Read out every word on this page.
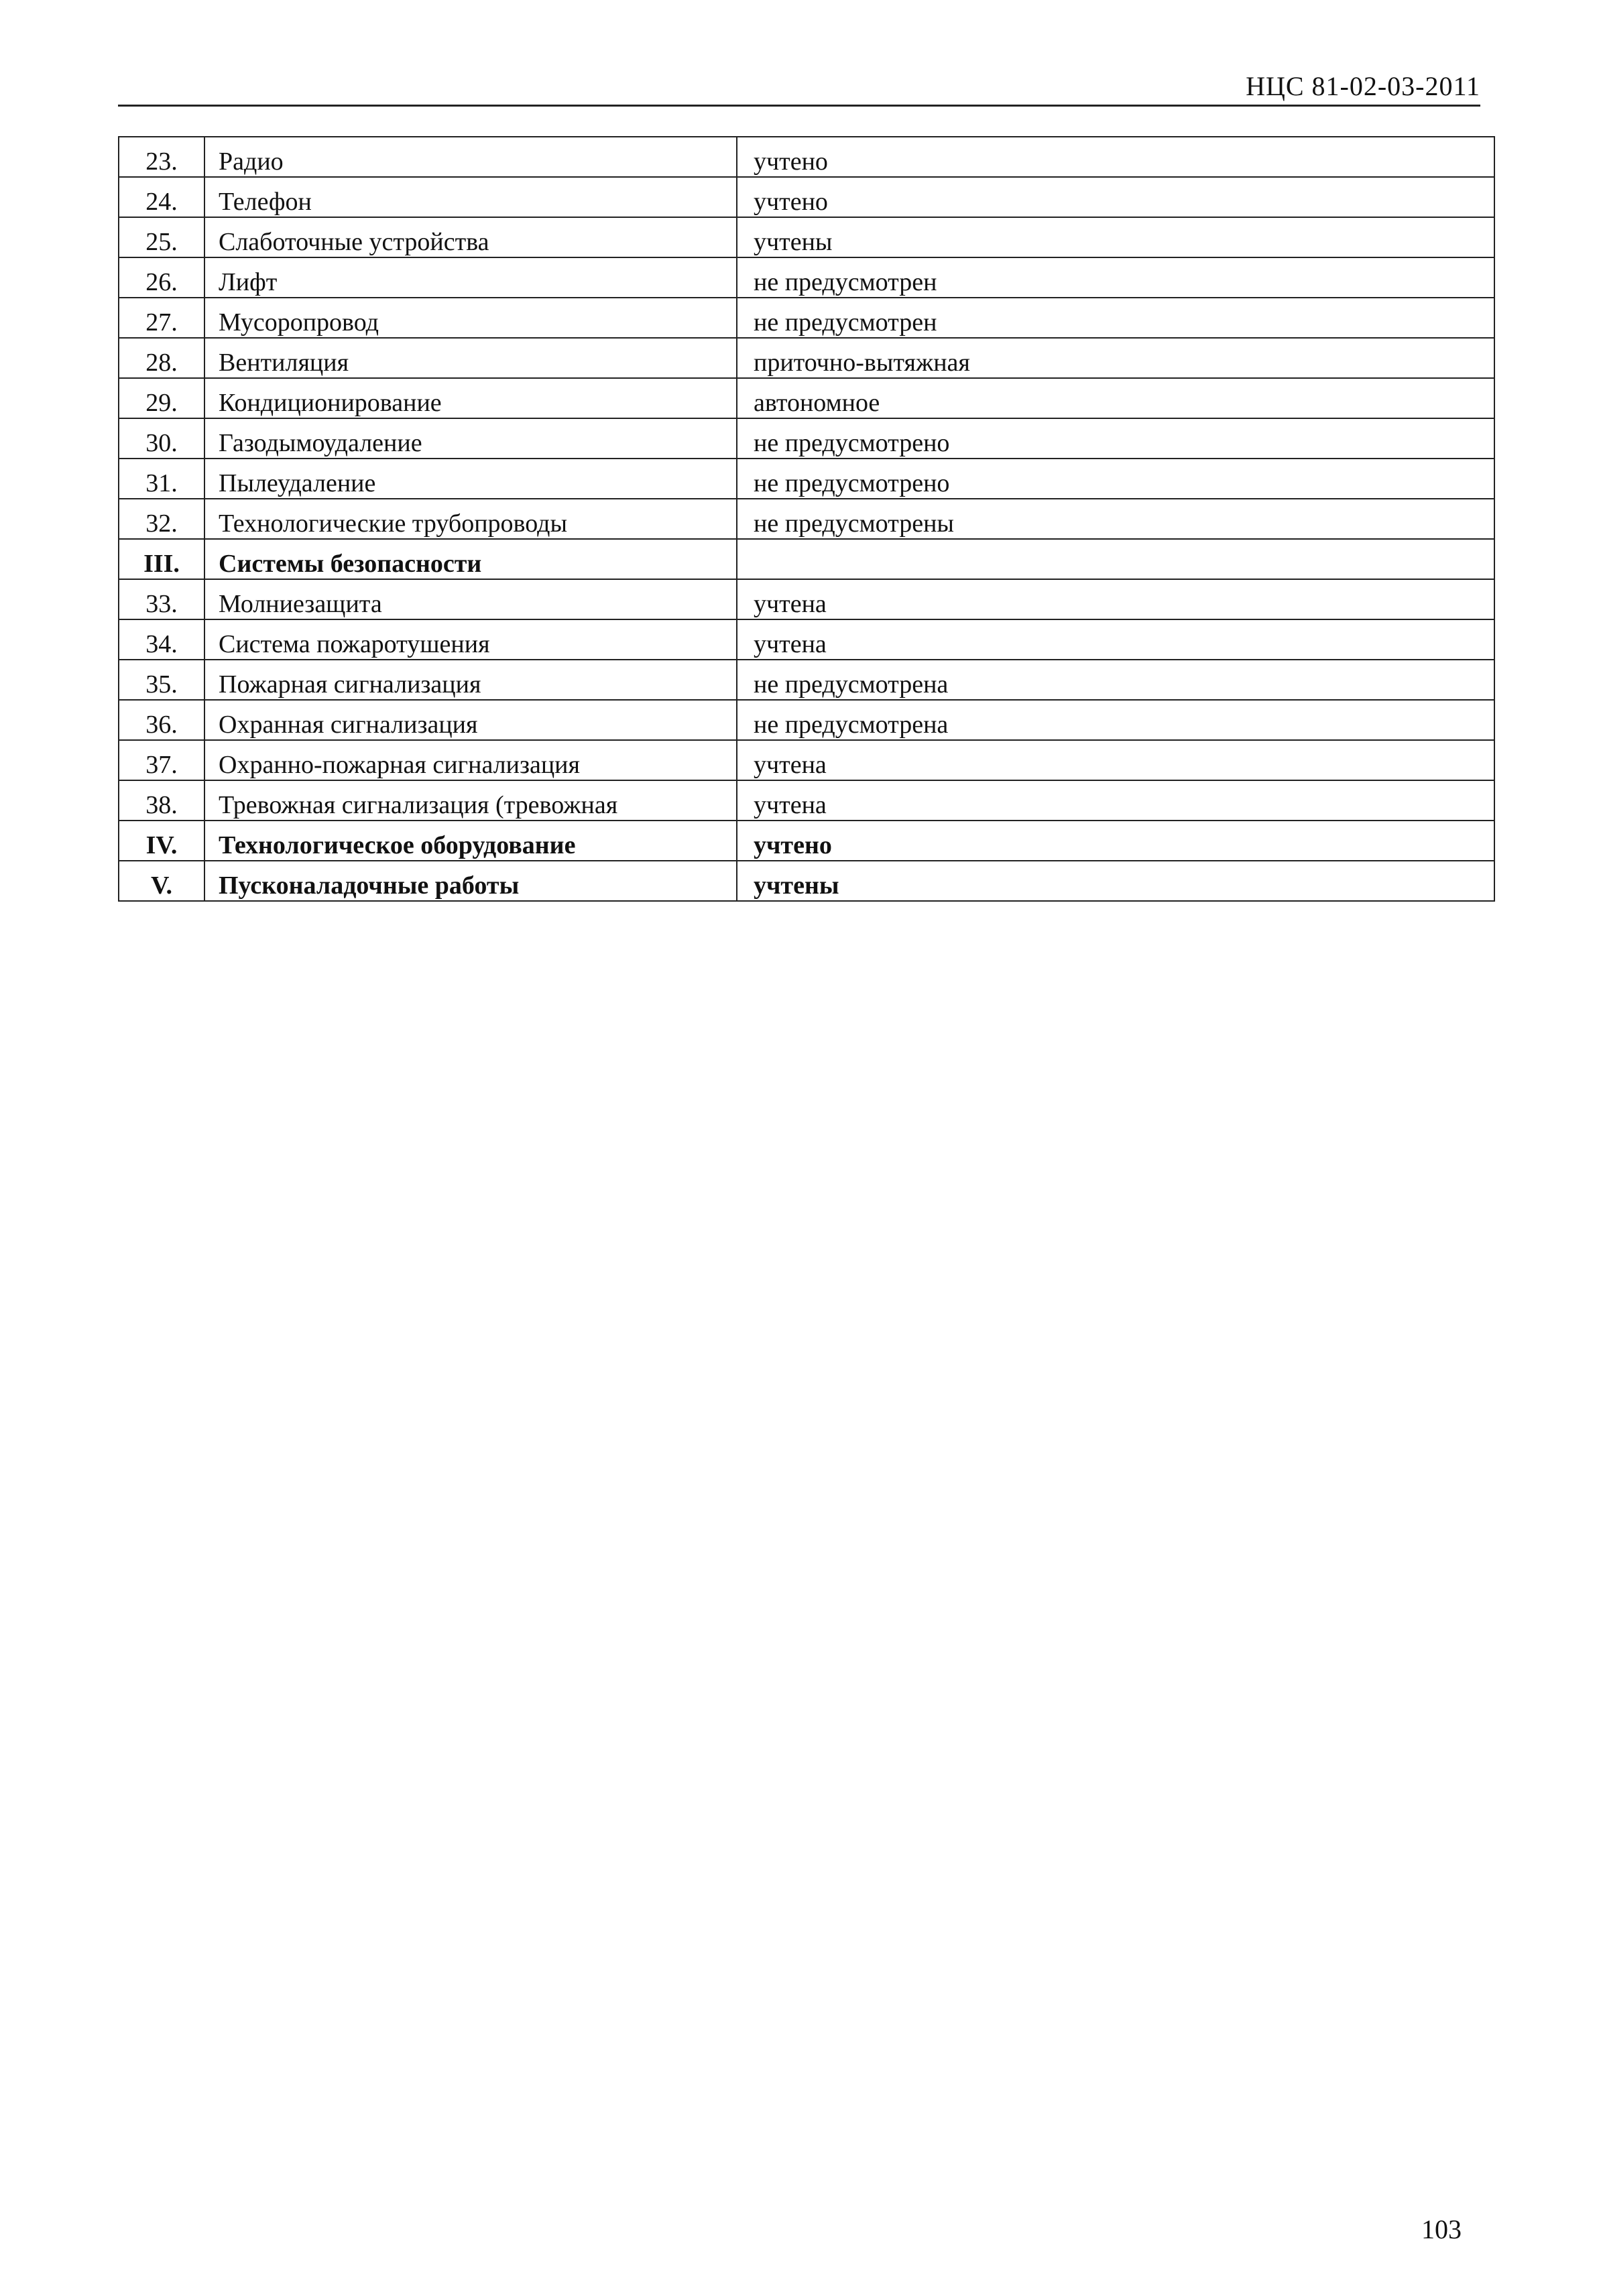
НЦС 81-02-03-2011
23.	Радио	учтено
24.	Телефон	учтено
25.	Слаботочные устройства	учтены
26.	Лифт	не предусмотрен
27.	Мусоропровод	не предусмотрен
28.	Вентиляция	приточно-вытяжная
29.	Кондиционирование	автономное
30.	Газодымоудаление	не предусмотрено
31.	Пылеудаление	не предусмотрено
32.	Технологические трубопроводы	не предусмотрены
III.	Системы безопасности	
33.	Молниезащита	учтена
34.	Система пожаротушения	учтена
35.	Пожарная сигнализация	не предусмотрена
36.	Охранная сигнализация	не предусмотрена
37.	Охранно-пожарная сигнализация	учтена
38.	Тревожная сигнализация (тревожная	учтена
IV.	Технологическое оборудование	учтено
V.	Пусконаладочные работы	учтены
103
